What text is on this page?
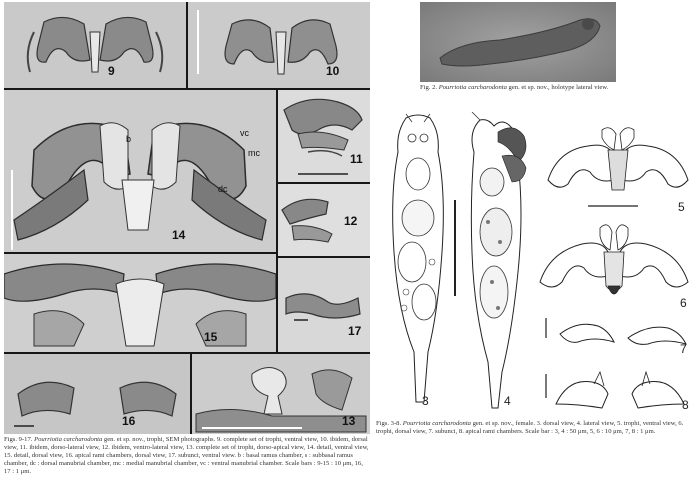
9	10
14
b
vc
mc
dc
11
12
15	17
16	13
Figs. 9-17. Pourriotia carcharodonta gen. et sp. nov., trophi, SEM photographs. 9. complete set of trophi, ventral view, 10. ibidem, dorsal view, 11. ibidem, dorso-lateral view, 12. ibidem, ventro-lateral view, 13. complete set of trophi, dorso-apical view, 14. detail, ventral view, 15. detail, dorsal view, 16. apical rami chambers, dorsal view, 17. subunci, ventral view. b : basal ramus chamber, s : subbasal ramus chamber, dc : dorsal manubrial chamber, mc : medial manubrial chamber, vc : ventral manubrial chamber. Scale bars : 9-15 : 10 μm, 16, 17 : 1 μm.
Fig. 2. Pourriotia carcharodonta gen. et sp. nov., holotype lateral view.
3	4
5
6
7
8
Figs. 3-8. Pourriotia carcharodonta gen. et sp. nov., female. 3. dorsal view, 4. lateral view, 5. trophi, ventral view, 6. trophi, dorsal view, 7. subunci, 8. apical rami chambers. Scale bar : 3, 4 : 50 μm, 5, 6 : 10 μm, 7, 8 : 1 μm.
